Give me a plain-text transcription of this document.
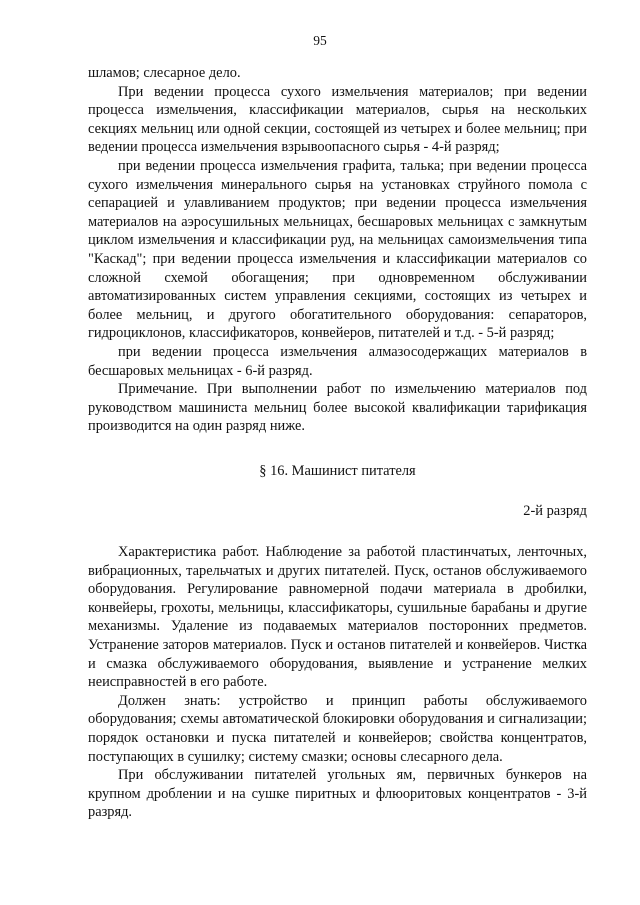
95

шламов; слесарное дело.

При ведении процесса сухого измельчения материалов; при ведении процесса измельчения, классификации материалов, сырья на нескольких секциях мельниц или одной секции, состоящей из четырех и более мельниц; при ведении процесса измельчения взрывоопасного сырья - 4-й разряд;

при ведении процесса измельчения графита, талька; при ведении процесса сухого измельчения минерального сырья на установках струйного помола с сепарацией и улавливанием продуктов; при ведении процесса измельчения материалов на аэросушильных мельницах, бесшаровых мельницах с замкнутым циклом измельчения и классификации руд, на мельницах самоизмельчения типа "Каскад"; при ведении процесса измельчения и классификации материалов со сложной схемой обогащения; при одновременном обслуживании автоматизированных систем управления секциями, состоящих из четырех и более мельниц, и другого обогатительного оборудования: сепараторов, гидроциклонов, классификаторов, конвейеров, питателей и т.д. - 5-й разряд;

при ведении процесса измельчения алмазосодержащих материалов в бесшаровых мельницах - 6-й разряд.

Примечание. При выполнении работ по измельчению материалов под руководством машиниста мельниц более высокой квалификации тарификация производится на один разряд ниже.

§ 16. Машинист питателя
2-й разряд

Характеристика работ. Наблюдение за работой пластинчатых, ленточных, вибрационных, тарельчатых и других питателей. Пуск, останов обслуживаемого оборудования. Регулирование равномерной подачи материала в дробилки, конвейеры, грохоты, мельницы, классификаторы, сушильные барабаны и другие механизмы. Удаление из подаваемых материалов посторонних предметов. Устранение заторов материалов. Пуск и останов питателей и конвейеров. Чистка и смазка обслуживаемого оборудования, выявление и устранение мелких неисправностей в его работе.

Должен знать: устройство и принцип работы обслуживаемого оборудования; схемы автоматической блокировки оборудования и сигнализации; порядок остановки и пуска питателей и конвейеров; свойства концентратов, поступающих в сушилку; систему смазки; основы слесарного дела.

При обслуживании питателей угольных ям, первичных бункеров на крупном дроблении и на сушке пиритных и флюоритовых концентратов - 3-й разряд.
